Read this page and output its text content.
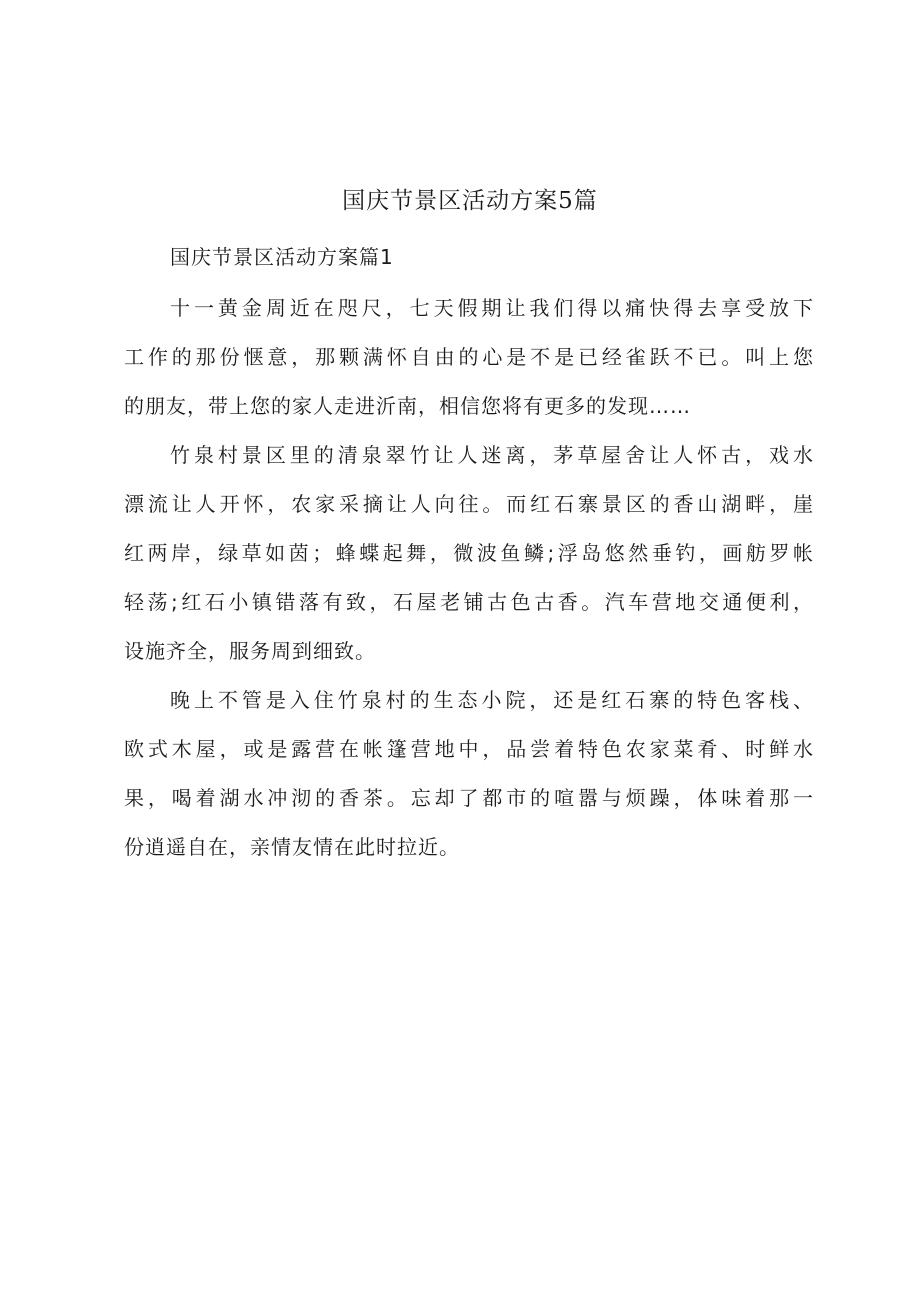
国庆节景区活动方案5篇
国庆节景区活动方案篇1
十一黄金周近在咫尺，七天假期让我们得以痛快得去享受放下
工作的那份惬意，那颗满怀自由的心是不是已经雀跃不已。叫上您
的朋友，带上您的家人走进沂南，相信您将有更多的发现……
竹泉村景区里的清泉翠竹让人迷离，茅草屋舍让人怀古，戏水
漂流让人开怀，农家采摘让人向往。而红石寨景区的香山湖畔，崖
红两岸，绿草如茵；蜂蝶起舞，微波鱼鳞;浮岛悠然垂钓，画舫罗帐
轻荡;红石小镇错落有致，石屋老铺古色古香。汽车营地交通便利，
设施齐全，服务周到细致。
晚上不管是入住竹泉村的生态小院，还是红石寨的特色客栈、
欧式木屋，或是露营在帐篷营地中，品尝着特色农家菜肴、时鲜水
果，喝着湖水冲沏的香茶。忘却了都市的喧嚣与烦躁，体味着那一
份逍遥自在，亲情友情在此时拉近。
